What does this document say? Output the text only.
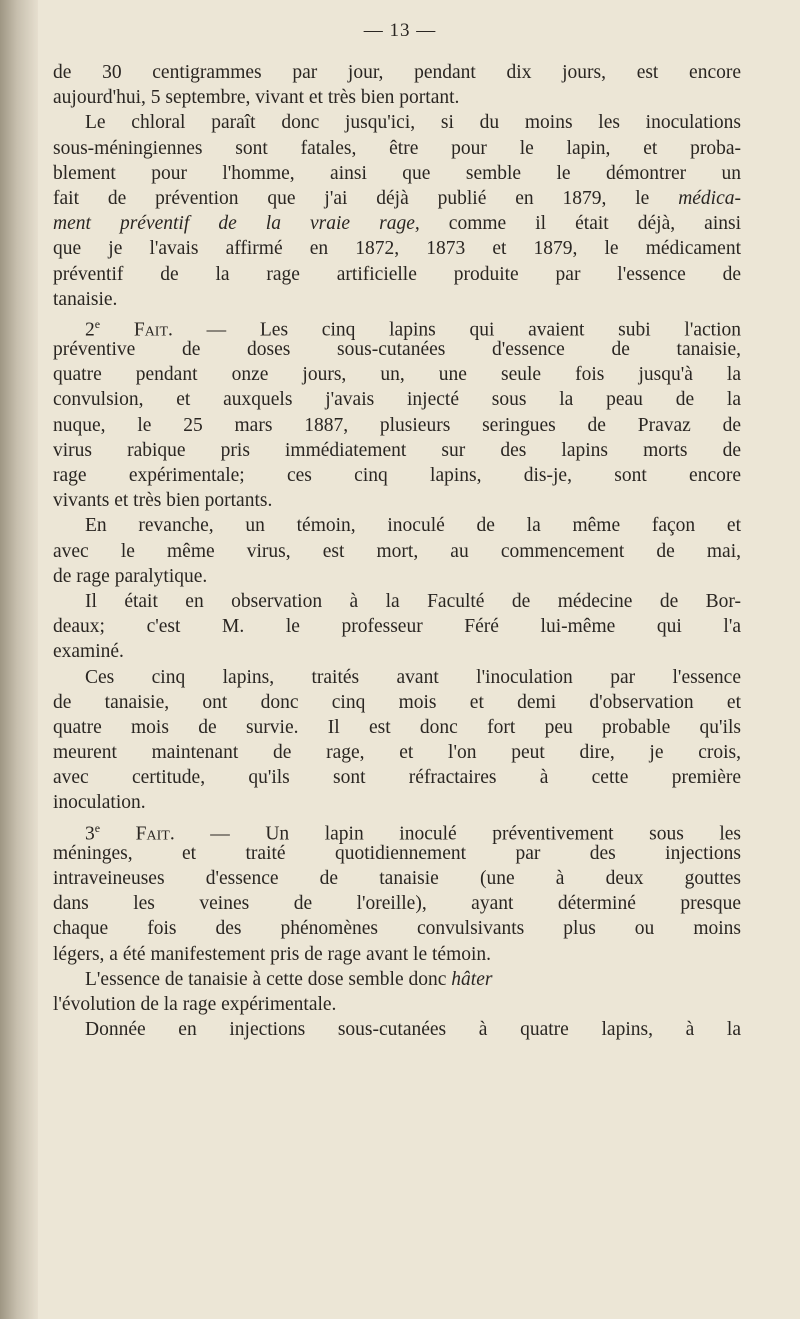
— 13 —
de 30 centigrammes par jour, pendant dix jours, est encore
aujourd'hui, 5 septembre, vivant et très bien portant.
Le chloral paraît donc jusqu'ici, si du moins les inoculations
sous-méningiennes sont fatales, être pour le lapin, et proba-
blement pour l'homme, ainsi que semble le démontrer un
fait de prévention que j'ai déjà publié en 1879, le médica-
ment préventif de la vraie rage, comme il était déjà, ainsi
que je l'avais affirmé en 1872, 1873 et 1879, le médicament
préventif de la rage artificielle produite par l'essence de
tanaisie.
2e Fait. — Les cinq lapins qui avaient subi l'action
préventive de doses sous-cutanées d'essence de tanaisie,
quatre pendant onze jours, un, une seule fois jusqu'à la
convulsion, et auxquels j'avais injecté sous la peau de la
nuque, le 25 mars 1887, plusieurs seringues de Pravaz de
virus rabique pris immédiatement sur des lapins morts de
rage expérimentale; ces cinq lapins, dis-je, sont encore
vivants et très bien portants.
En revanche, un témoin, inoculé de la même façon et
avec le même virus, est mort, au commencement de mai,
de rage paralytique.
Il était en observation à la Faculté de médecine de Bor-
deaux; c'est M. le professeur Féré lui-même qui l'a
examiné.
Ces cinq lapins, traités avant l'inoculation par l'essence
de tanaisie, ont donc cinq mois et demi d'observation et
quatre mois de survie. Il est donc fort peu probable qu'ils
meurent maintenant de rage, et l'on peut dire, je crois,
avec certitude, qu'ils sont réfractaires à cette première
inoculation.
3e Fait. — Un lapin inoculé préventivement sous les
méninges, et traité quotidiennement par des injections
intraveineuses d'essence de tanaisie (une à deux gouttes
dans les veines de l'oreille), ayant déterminé presque
chaque fois des phénomènes convulsivants plus ou moins
légers, a été manifestement pris de rage avant le témoin.
L'essence de tanaisie à cette dose semble donc hâter
l'évolution de la rage expérimentale.
Donnée en injections sous-cutanées à quatre lapins, à la
